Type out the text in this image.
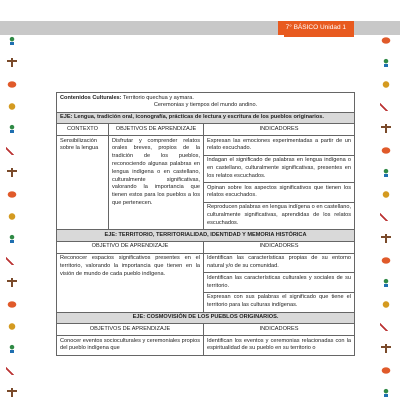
7° BÁSICO Unidad 1
Contenidos Culturales: Territorio quechua y aymara.
Ceremonias y tiempos del mundo andino.		

EJE: Lengua, tradición oral, iconografía, prácticas de lectura y escritura de los pueblos originarios.		
CONTEXTO	OBJETIVOS DE APRENDIZAJE	INDICADORES
Sensibilización sobre la lengua	Disfrutar y comprender relatos orales breves, propios de la tradición de los pueblos, reconociendo algunas palabras en lengua indígena o en castellano, culturalmente significativas, valorando la importancia que tienen estos para los pueblos a los que pertenecen.	Expresan las emociones experimentadas a partir de un relato escuchado.
		Indagan el significado de palabras en lengua indígena o en castellano, culturalmente significativas, presentes en los relatos escuchados.
		Opinan sobre los aspectos significativos que tienen los relatos escuchados.
		Reproducen palabras en lengua indígena o en castellano, culturalmente significativas, aprendidas de los relatos escuchados.
EJE: TERRITORIO, TERRITORIALIDAD, IDENTIDAD Y MEMORIA HISTÓRICA		
OBJETIVO DE APRENDIZAJE		INDICADORES
Reconocer espacios significativos presentes en el territorio, valorando la importancia que tienen en la visión de mundo de cada pueblo indígena.		Identifican las características propias de su entorno natural y/o de su comunidad.
		Identifican las características culturales y sociales de su territorio.
		Expresan con sus palabras el significado que tiene el territorio para las culturas indígenas.
EJE: COSMOVISIÓN DE LOS PUEBLOS ORIGINARIOS.		
OBJETIVOS DE APRENDIZAJE		INDICADORES
Conocer eventos socioculturales y ceremoniales propios del pueblo indígena que		Identifican los eventos y ceremonias relacionadas con la espiritualidad de su pueblo en su territorio o
